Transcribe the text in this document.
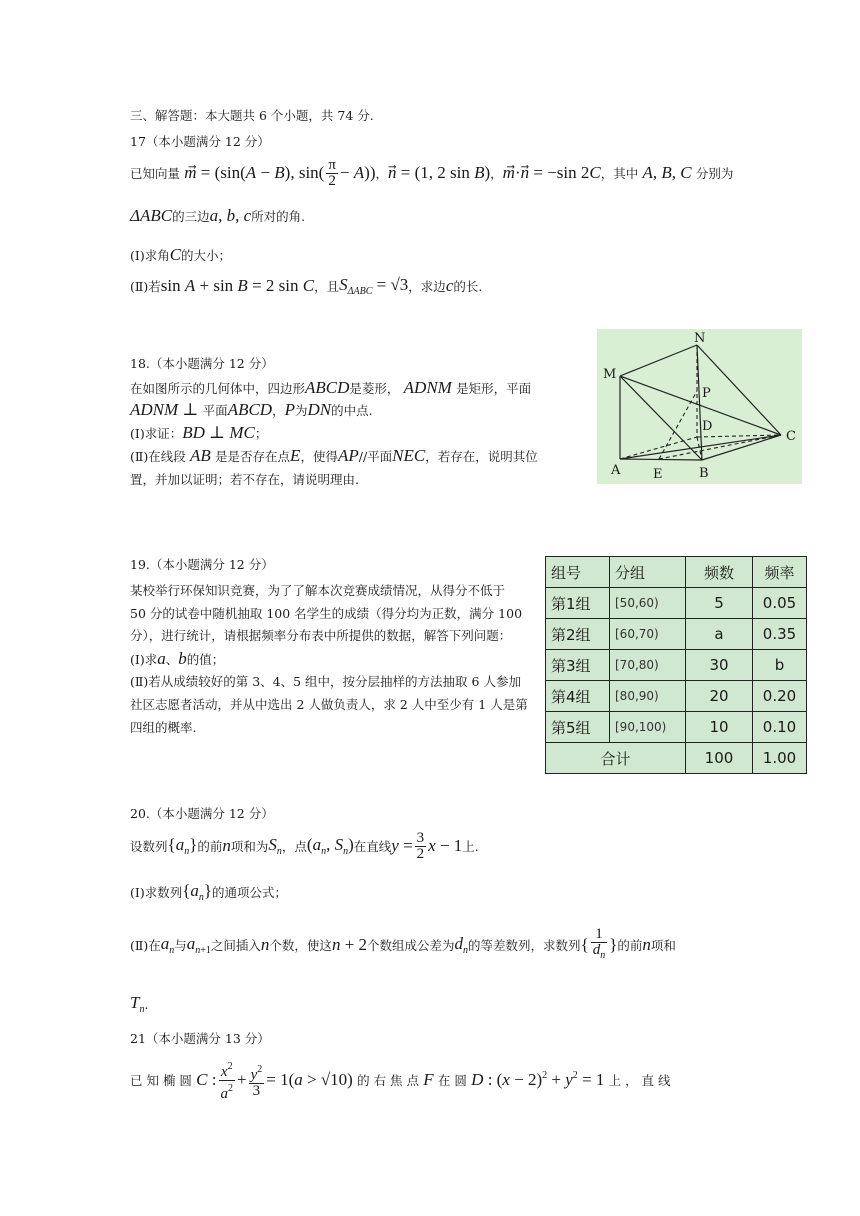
三、解答题：本大题共 6 个小题，共 74 分.
17（本小题满分 12 分）
已知向量 m⃗ = (sin(A − B), $\sin( \frac{\pi}{2} - A)$) ， n⃗ = (1, 2 sin B) ， m⃗·n⃗ = −sin 2C ，其中 A, B, C 分别为
ΔABC 的三边 a, b, c 所对的角.
(Ⅰ)求角 C 的大小；
(Ⅱ)若 sin A + sin B = 2 sin C ，且 $S_{\Delta ABC} = √3$ ，求边 c 的长.
18.（本小题满分 12 分）
在如图所示的几何体中，四边形 ABCD 是菱形， ADNM 是矩形，平面
ADNM ⊥ 平面 ABCD ， P 为 DN 的中点.
(Ⅰ)求证： BD ⊥ MC ；
(Ⅱ)在线段 AB 是是否存在点 E ，使得 AP //平面 NEC ，若存在，说明其位
置，并加以证明；若不存在，请说明理由.
M
N
P
D
C
A	E	B
19.（本小题满分 12 分）
某校举行环保知识竞赛，为了了解本次竞赛成绩情况，从得分不低于
50 分的试卷中随机抽取 100 名学生的成绩（得分均为正数，满分 100
分），进行统计，请根据频率分布表中所提供的数据，解答下列问题：
(Ⅰ)求 a 、 b 的值；
(Ⅱ)若从成绩较好的第 3、4、5 组中，按分层抽样的方法抽取 6 人参加
社区志愿者活动，并从中选出 2 人做负责人，求 2 人中至少有 1 人是第
四组的概率.
组号	分组	频数	频率
第1组	[50,60)	5	0.05
第2组	[60,70)	a	0.35
第3组	[70,80)	30	b
第4组	[80,90)	20	0.20
第5组	[90,100)	10	0.10
合计		100	1.00
20.（本小题满分 12 分）
设数列 $\{a_n\}$ 的前 n 项和为 $S_n$ ，点 ($a_n$, $S_n$) 在直线 $y = \frac{3}{2}$ x − 1 上.
(Ⅰ)求数列 $\{a_n\}$ 的通项公式；
(Ⅱ)在 $a_n$ 与 $a_{n+1}$ 之间插入 n 个数，使这 n + 2 个数组成公差为 $d_n$ 的等差数列，求数列 { $\frac{1}{d_n}$ } 的前 n 项和
$T_n$ .
21（本小题满分 13 分）
已 知 椭 圆 C : $\frac{x^2}{a^2} + \frac{y^2}{3} = 1(a > √10)$ 的 右 焦 点 F 在 圆 D : $(x - 2)^2 + y^2 = 1$ 上 ， 直 线
